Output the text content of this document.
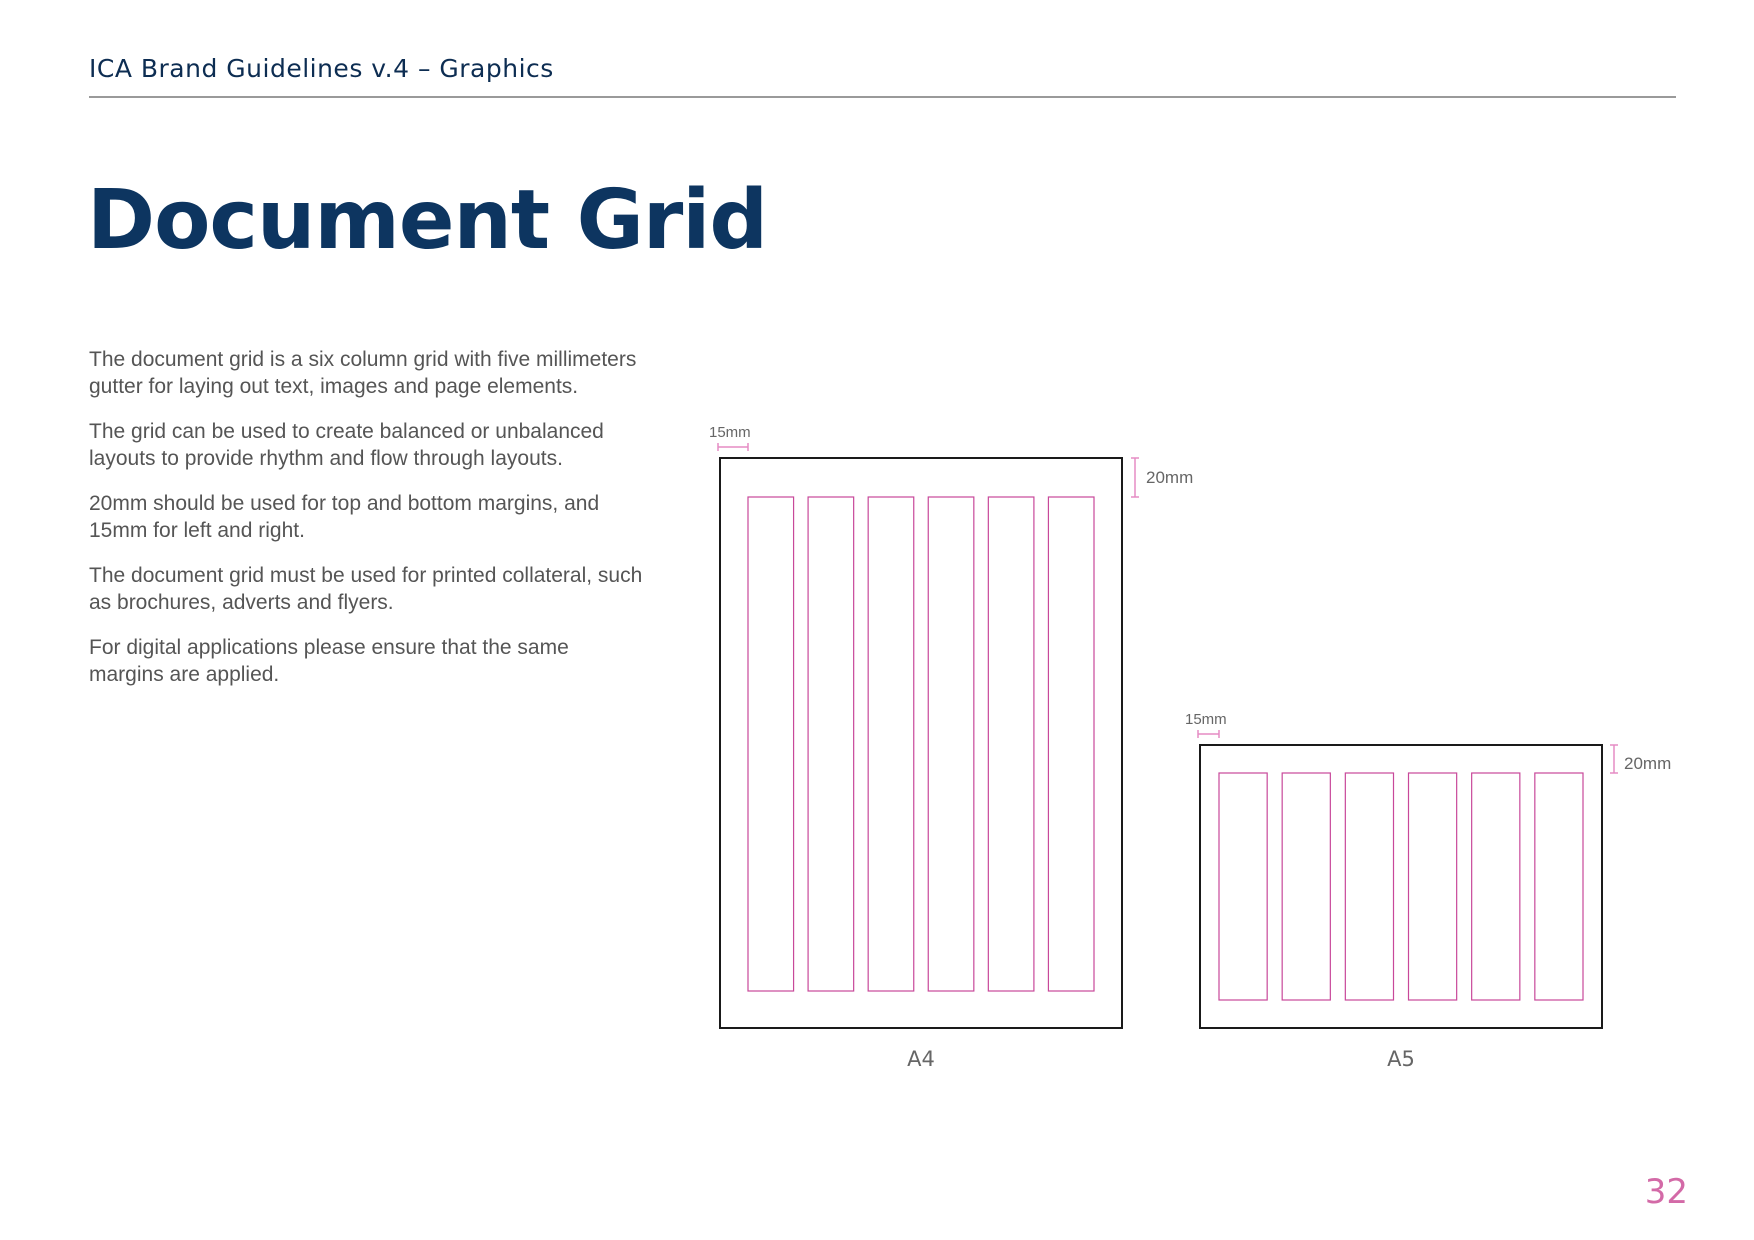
ICA Brand Guidelines v.4 – Graphics
Document Grid

The document grid is a six column grid with five millimeters gutter for laying out text, images and page elements.

The grid can be used to create balanced or unbalanced layouts to provide rhythm and flow through layouts.

20mm should be used for top and bottom margins, and 15mm for left and right.

The document grid must be used for printed collateral, such as brochures, adverts and flyers.

For digital applications please ensure that the same margins are applied.

15mm
20mm
A4
15mm
20mm
A5
32
